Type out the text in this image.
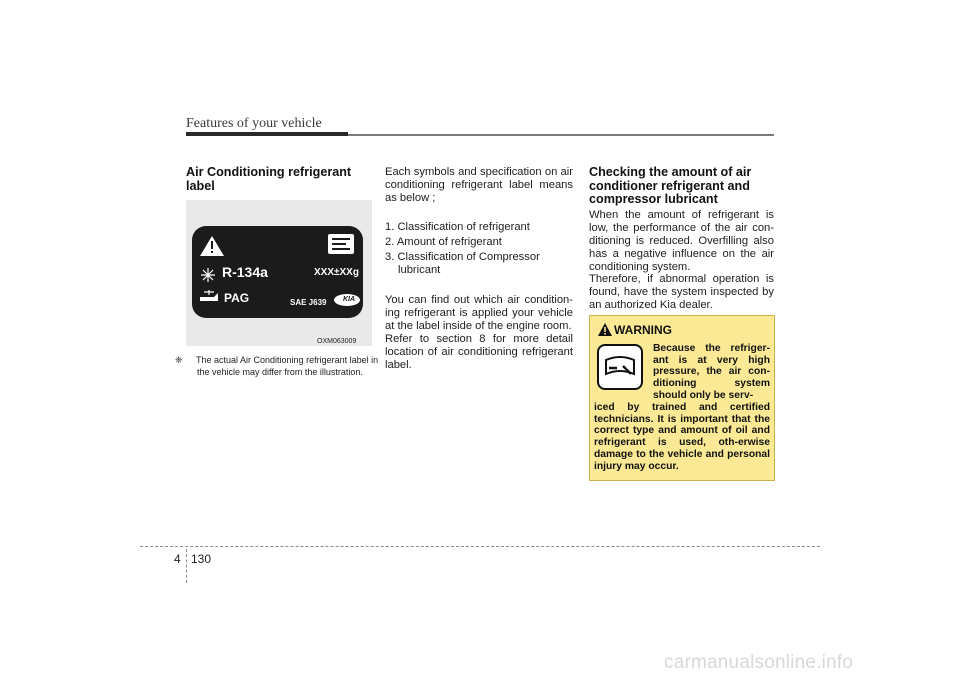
Features of your vehicle
Air Conditioning refrigerant label
R-134a
PAG
XXX±XXg
SAE J639 KIA
OXM063009
❈ The actual Air Conditioning refrigerant label in the vehicle may differ from the illustration.
Each symbols and specification on air conditioning refrigerant label means as below ;
1. Classification of refrigerant
2. Amount of refrigerant
3. Classification of Compressor lubricant
You can find out which air condition-ing refrigerant is applied your vehicle at the label inside of the engine room.
Refer to section 8 for more detail location of air conditioning refrigerant label.
Checking the amount of air conditioner refrigerant and compressor lubricant
When the amount of refrigerant is low, the performance of the air con-ditioning is reduced. Overfilling also has a negative influence on the air conditioning system.
Therefore, if abnormal operation is found, have the system inspected by an authorized Kia dealer.
WARNING
Because the refriger-ant is at very high pressure, the air con-ditioning system should only be serv-
iced by trained and certified technicians. It is important that the correct type and amount of oil and refrigerant is used, oth-erwise damage to the vehicle and personal injury may occur.
4 130
carmanualsonline.info
